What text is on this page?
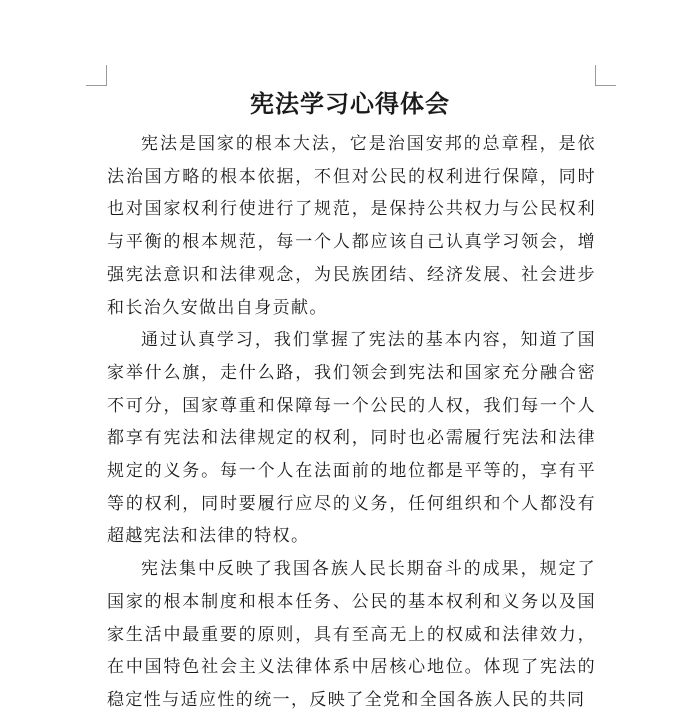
宪法学习心得体会

宪法是国家的根本大法，它是治国安邦的总章程，是依法治国方略的根本依据，不但对公民的权利进行保障，同时也对国家权利行使进行了规范，是保持公共权力与公民权利与平衡的根本规范，每一个人都应该自己认真学习领会，增强宪法意识和法律观念，为民族团结、经济发展、社会进步和长治久安做出自身贡献。

通过认真学习，我们掌握了宪法的基本内容，知道了国家举什么旗，走什么路，我们领会到宪法和国家充分融合密不可分，国家尊重和保障每一个公民的人权，我们每一个人都享有宪法和法律规定的权利，同时也必需履行宪法和法律规定的义务。每一个人在法面前的地位都是平等的，享有平等的权利，同时要履行应尽的义务，任何组织和个人都没有超越宪法和法律的特权。

宪法集中反映了我国各族人民长期奋斗的成果，规定了国家的根本制度和根本任务、公民的基本权利和义务以及国家生活中最重要的原则，具有至高无上的权威和法律效力，在中国特色社会主义法律体系中居核心地位。体现了宪法的稳定性与适应性的统一，反映了全党和全国各族人民的共同
